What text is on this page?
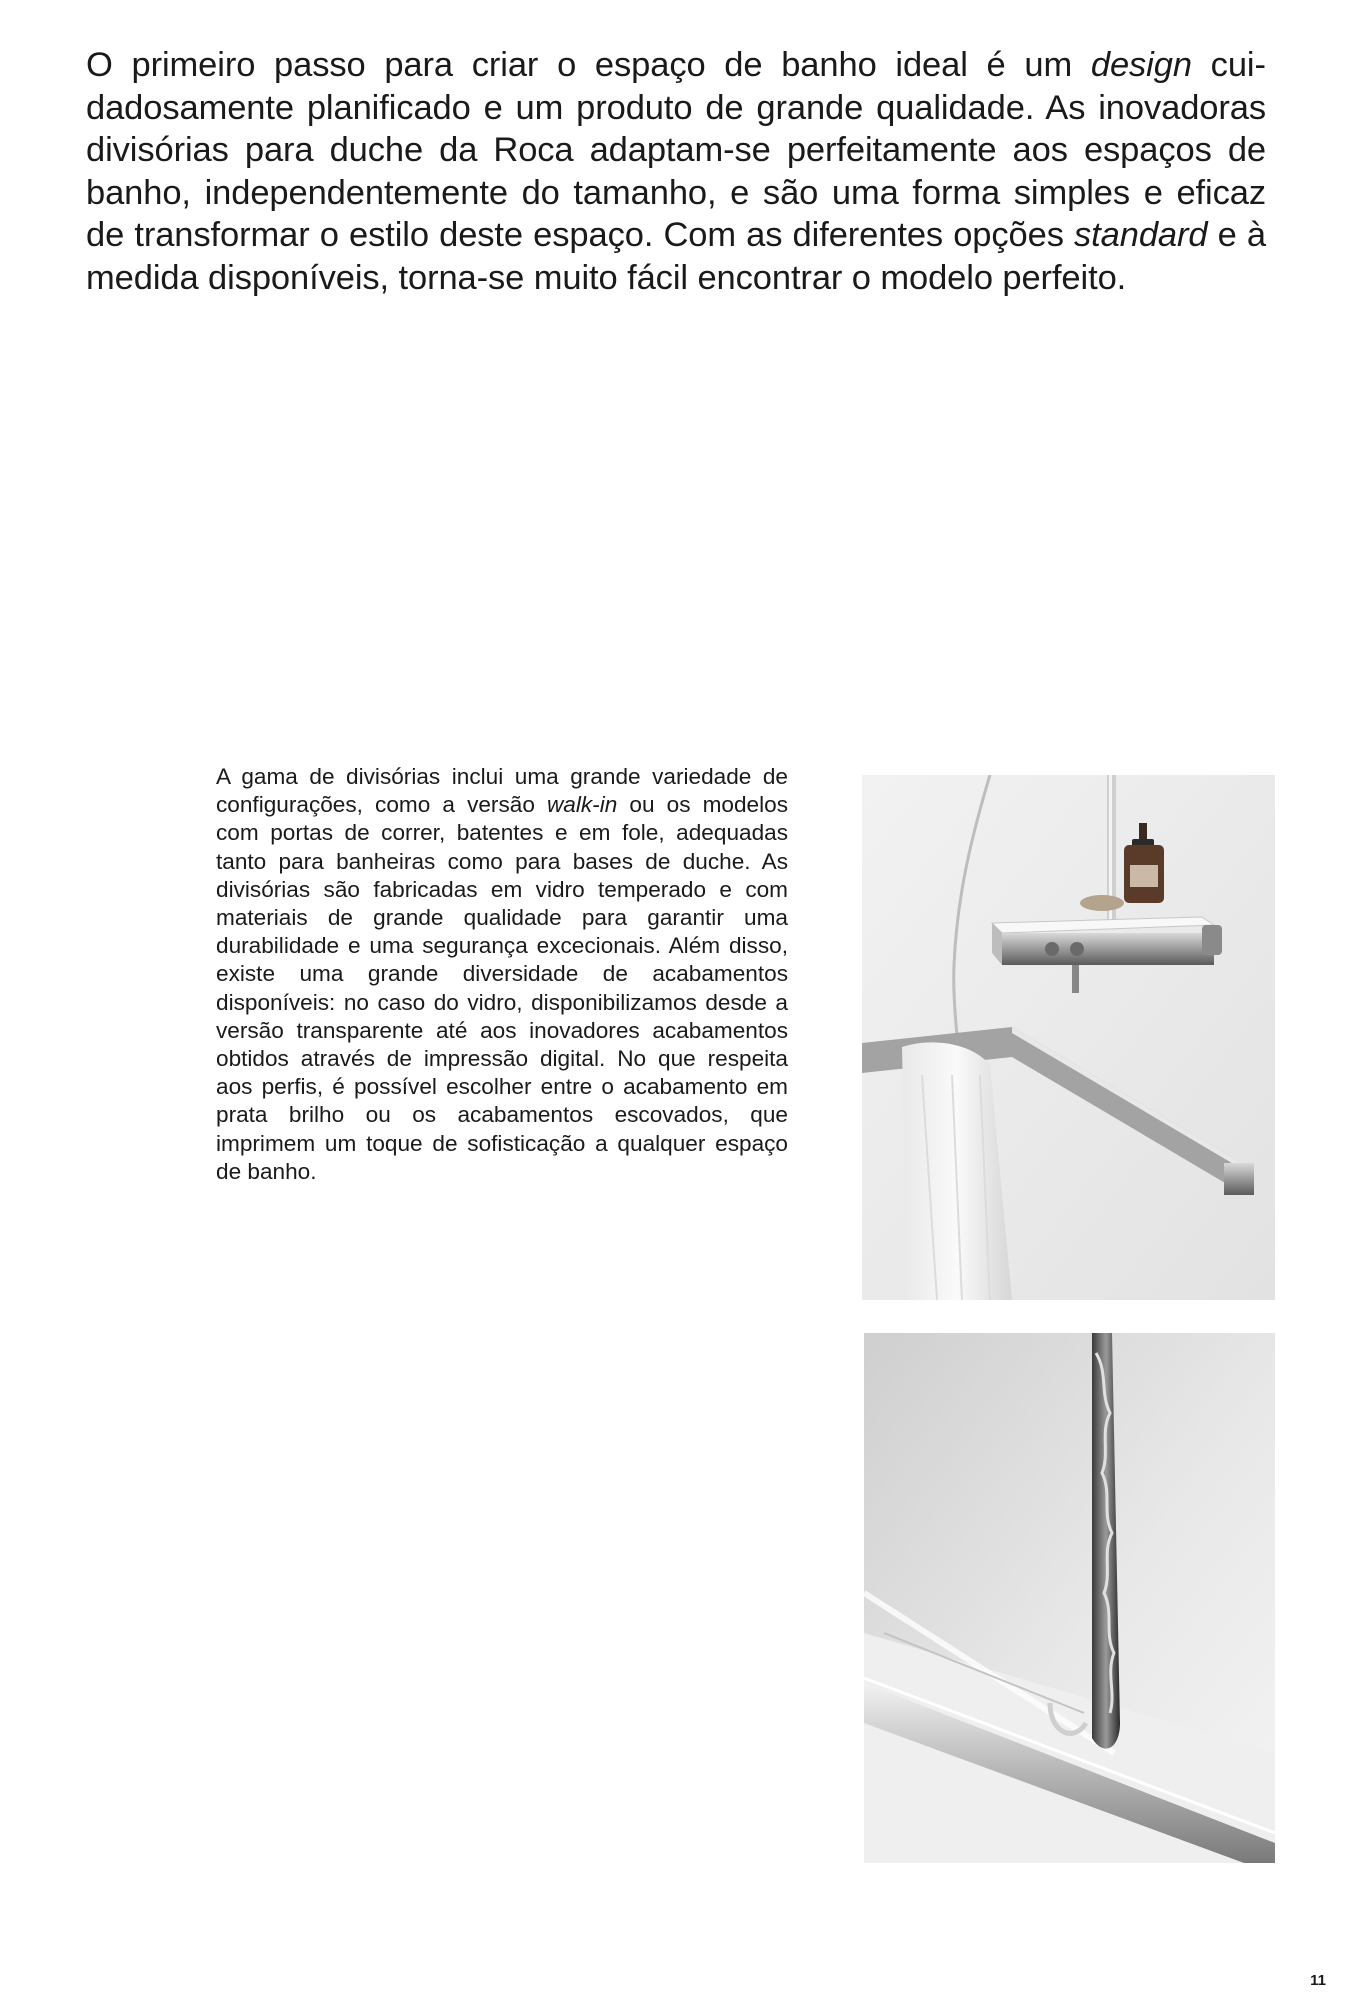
O primeiro passo para criar o espaço de banho ideal é um design cuidadosamente planificado e um produto de grande qualidade. As inovadoras divisórias para duche da Roca adaptam-se perfeitamente aos espaços de banho, independentemente do tamanho, e são uma forma simples e eficaz de transformar o estilo deste espaço. Com as diferentes opções standard e à medida disponíveis, torna-se muito fácil encontrar o modelo perfeito.

A gama de divisórias inclui uma grande variedade de configurações, como a versão walk-in ou os modelos com portas de correr, batentes e em fole, adequadas tanto para banheiras como para bases de duche. As divisórias são fabricadas em vidro temperado e com materiais de grande qualidade para garantir uma durabilidade e uma segurança excecionais. Além disso, existe uma grande diversidade de acabamentos disponíveis: no caso do vidro, disponibilizamos desde a versão transparente até aos inovadores acabamentos obtidos através de impressão digital. No que respeita aos perfis, é possível escolher entre o acabamento em prata brilho ou os acabamentos escovados, que imprimem um toque de sofisticação a qualquer espaço de banho.

11
